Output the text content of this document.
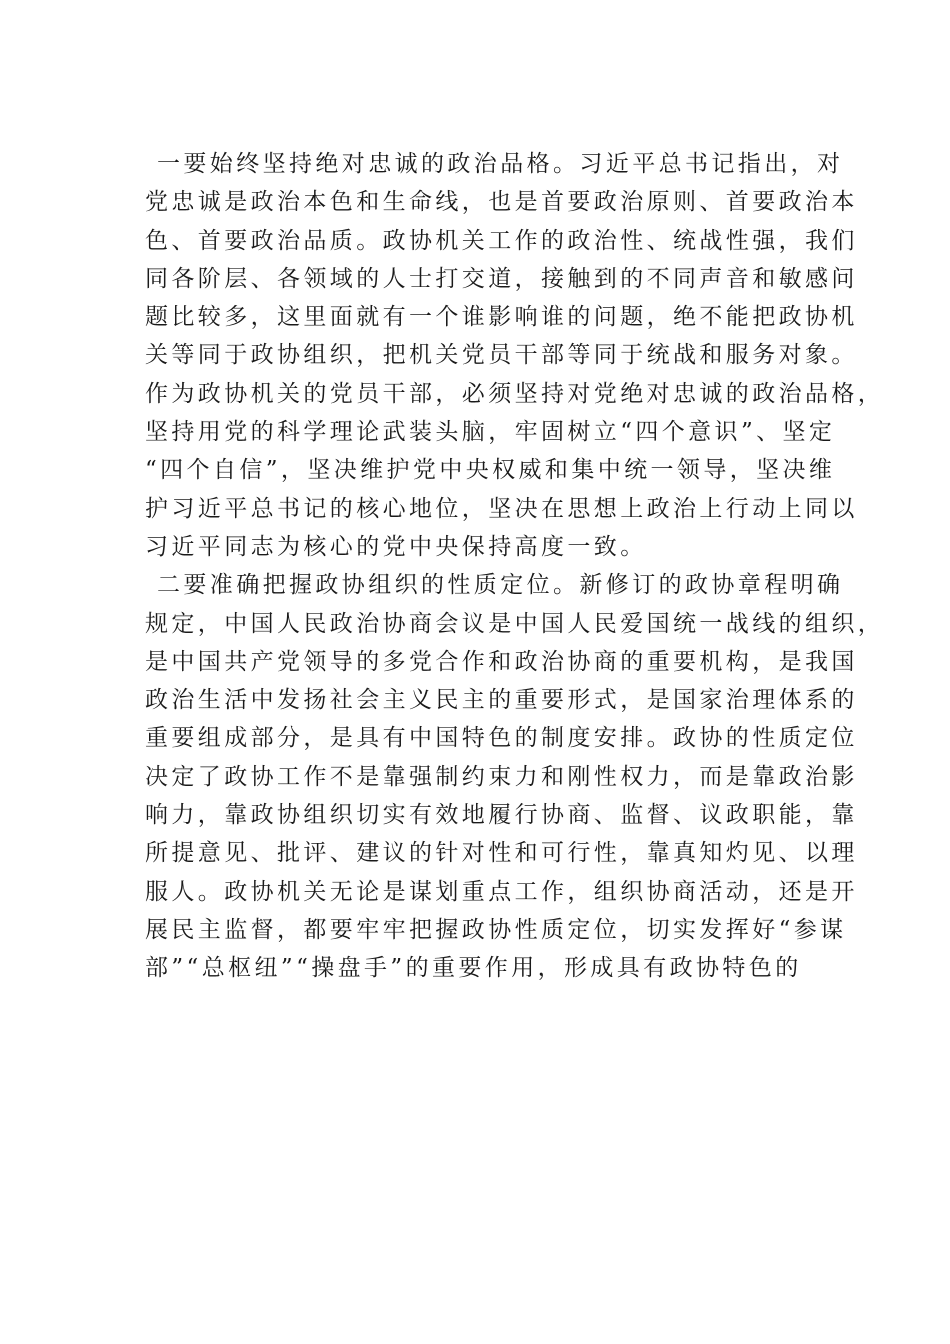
一要始终坚持绝对忠诚的政治品格。习近平总书记指出，对
党忠诚是政治本色和生命线，也是首要政治原则、首要政治本
色、首要政治品质。政协机关工作的政治性、统战性强，我们
同各阶层、各领域的人士打交道，接触到的不同声音和敏感问
题比较多，这里面就有一个谁影响谁的问题，绝不能把政协机
关等同于政协组织，把机关党员干部等同于统战和服务对象。
作为政协机关的党员干部，必须坚持对党绝对忠诚的政治品格，
坚持用党的科学理论武装头脑，牢固树立“四个意识”、坚定
“四个自信”，坚决维护党中央权威和集中统一领导，坚决维
护习近平总书记的核心地位，坚决在思想上政治上行动上同以
习近平同志为核心的党中央保持高度一致。

二要准确把握政协组织的性质定位。新修订的政协章程明确
规定，中国人民政治协商会议是中国人民爱国统一战线的组织，
是中国共产党领导的多党合作和政治协商的重要机构，是我国
政治生活中发扬社会主义民主的重要形式，是国家治理体系的
重要组成部分，是具有中国特色的制度安排。政协的性质定位
决定了政协工作不是靠强制约束力和刚性权力，而是靠政治影
响力，靠政协组织切实有效地履行协商、监督、议政职能，靠
所提意见、批评、建议的针对性和可行性，靠真知灼见、以理
服人。政协机关无论是谋划重点工作，组织协商活动，还是开
展民主监督，都要牢牢把握政协性质定位，切实发挥好“参谋
部”“总枢纽”“操盘手”的重要作用，形成具有政协特色的
